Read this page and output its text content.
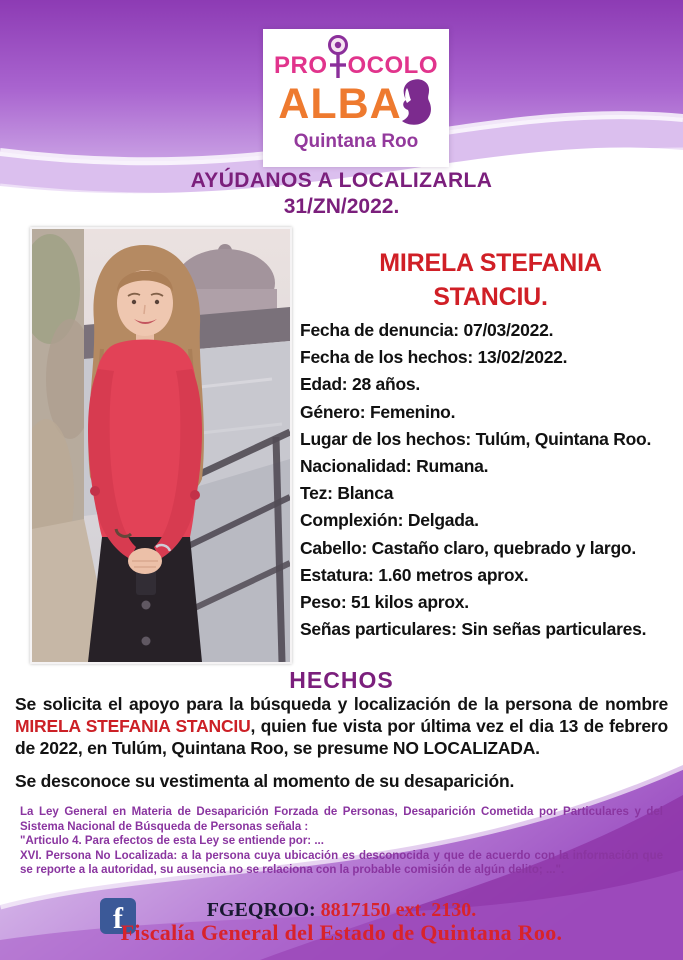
PRO OCOLO
ALBA
Quintana Roo
AYÚDANOS A LOCALIZARLA
31/ZN/2022.
MIRELA STEFANIA
STANCIU.
Fecha de denuncia: 07/03/2022.
Fecha de los hechos: 13/02/2022.
Edad: 28 años.
Género: Femenino.
Lugar de los hechos: Tulúm, Quintana Roo.
Nacionalidad: Rumana.
Tez: Blanca
Complexión: Delgada.
Cabello: Castaño claro, quebrado y largo.
Estatura: 1.60 metros aprox.
Peso: 51 kilos aprox.
Señas particulares: Sin señas particulares.
HECHOS

Se solicita el apoyo para la búsqueda y localización de la persona de nombre MIRELA STEFANIA STANCIU, quien fue vista por última vez el dia 13 de febrero de 2022, en Tulúm, Quintana Roo, se presume NO LOCALIZADA.

Se desconoce su vestimenta al momento de su desaparición.

La Ley General en Materia de Desaparición Forzada de Personas, Desaparición Cometida por Particulares y del Sistema Nacional de Búsqueda de Personas señala :
"Articulo 4. Para efectos de esta Ley se entiende por: ...
XVI. Persona No Localizada: a la persona cuya ubicación es desconocida y que de acuerdo con la información que se reporte a la autoridad, su ausencia no se relaciona con la probable comisión de algún delito; ...".
f	FGEQROO: 8817150 ext. 2130.
Fiscalía General del Estado de Quintana Roo.
